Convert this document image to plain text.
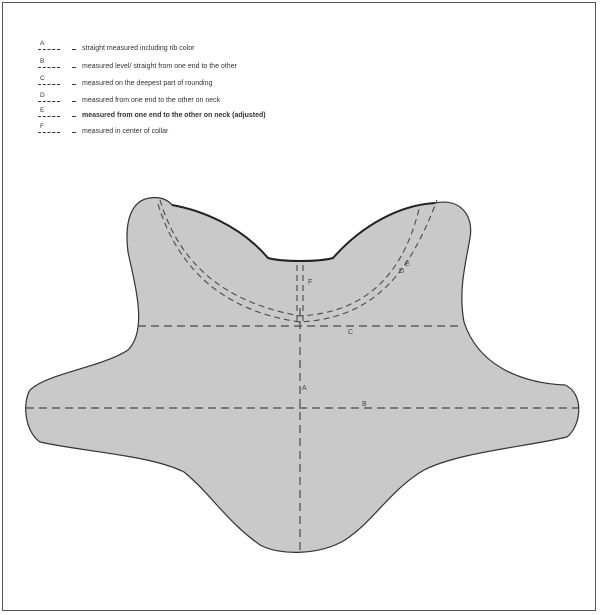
A
straight measured including rib color
B
measured level/ straight from one end to the other
C
measured on the deepest part of rounding
D
measured from one end to the other on neck
E
measured from one end to the other on neck (adjusted)
F
measured in center of collar
A
B
C
D
E
F
